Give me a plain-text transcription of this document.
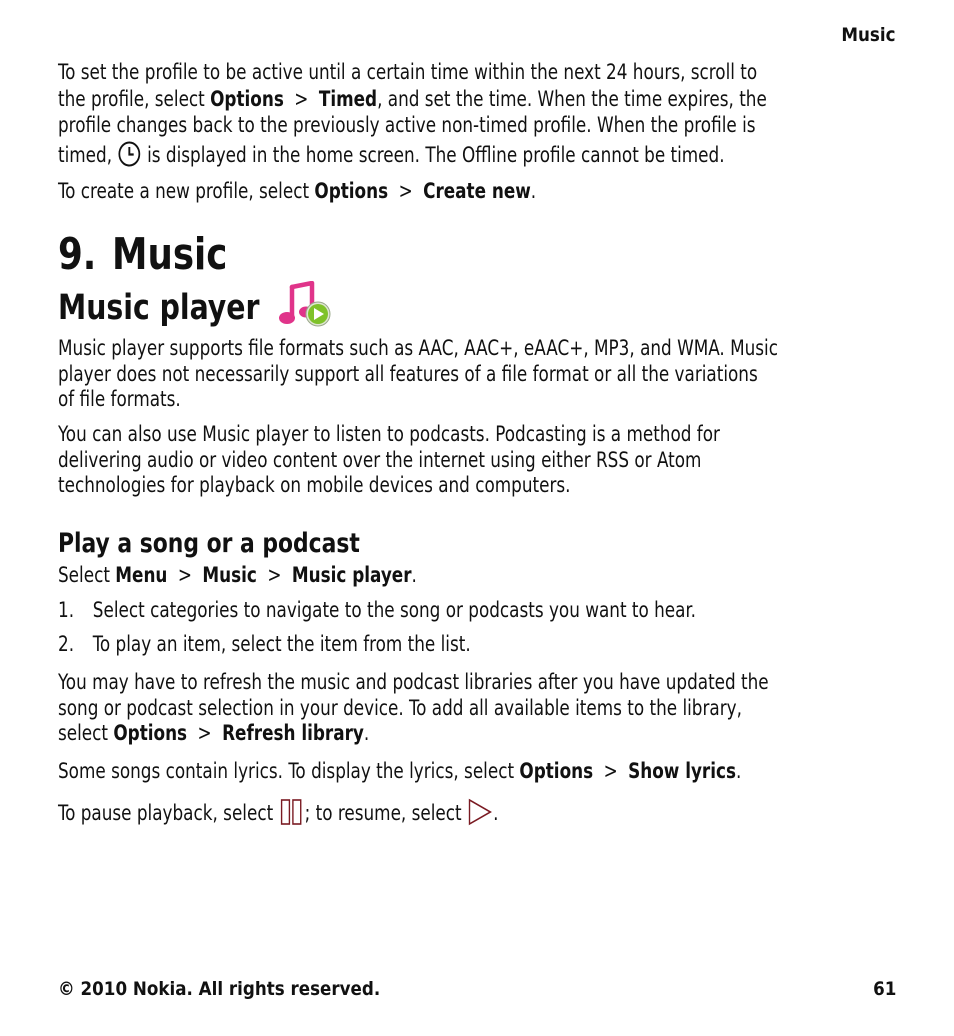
Music
To set the profile to be active until a certain time within the next 24 hours, scroll to
the profile, select Options > Timed, and set the time. When the time expires, the
profile changes back to the previously active non-timed profile. When the profile is
timed,  is displayed in the home screen. The Offline profile cannot be timed.
To create a new profile, select Options > Create new.
9. Music
Music player
Music player supports file formats such as AAC, AAC+, eAAC+, MP3, and WMA. Music
player does not necessarily support all features of a file format or all the variations
of file formats.
You can also use Music player to listen to podcasts. Podcasting is a method for
delivering audio or video content over the internet using either RSS or Atom
technologies for playback on mobile devices and computers.
Play a song or a podcast
Select Menu > Music > Music player.
1. Select categories to navigate to the song or podcasts you want to hear.
2. To play an item, select the item from the list.
You may have to refresh the music and podcast libraries after you have updated the
song or podcast selection in your device. To add all available items to the library,
select Options > Refresh library.
Some songs contain lyrics. To display the lyrics, select Options > Show lyrics.
To pause playback, select ; to resume, select .
© 2010 Nokia. All rights reserved.	61
